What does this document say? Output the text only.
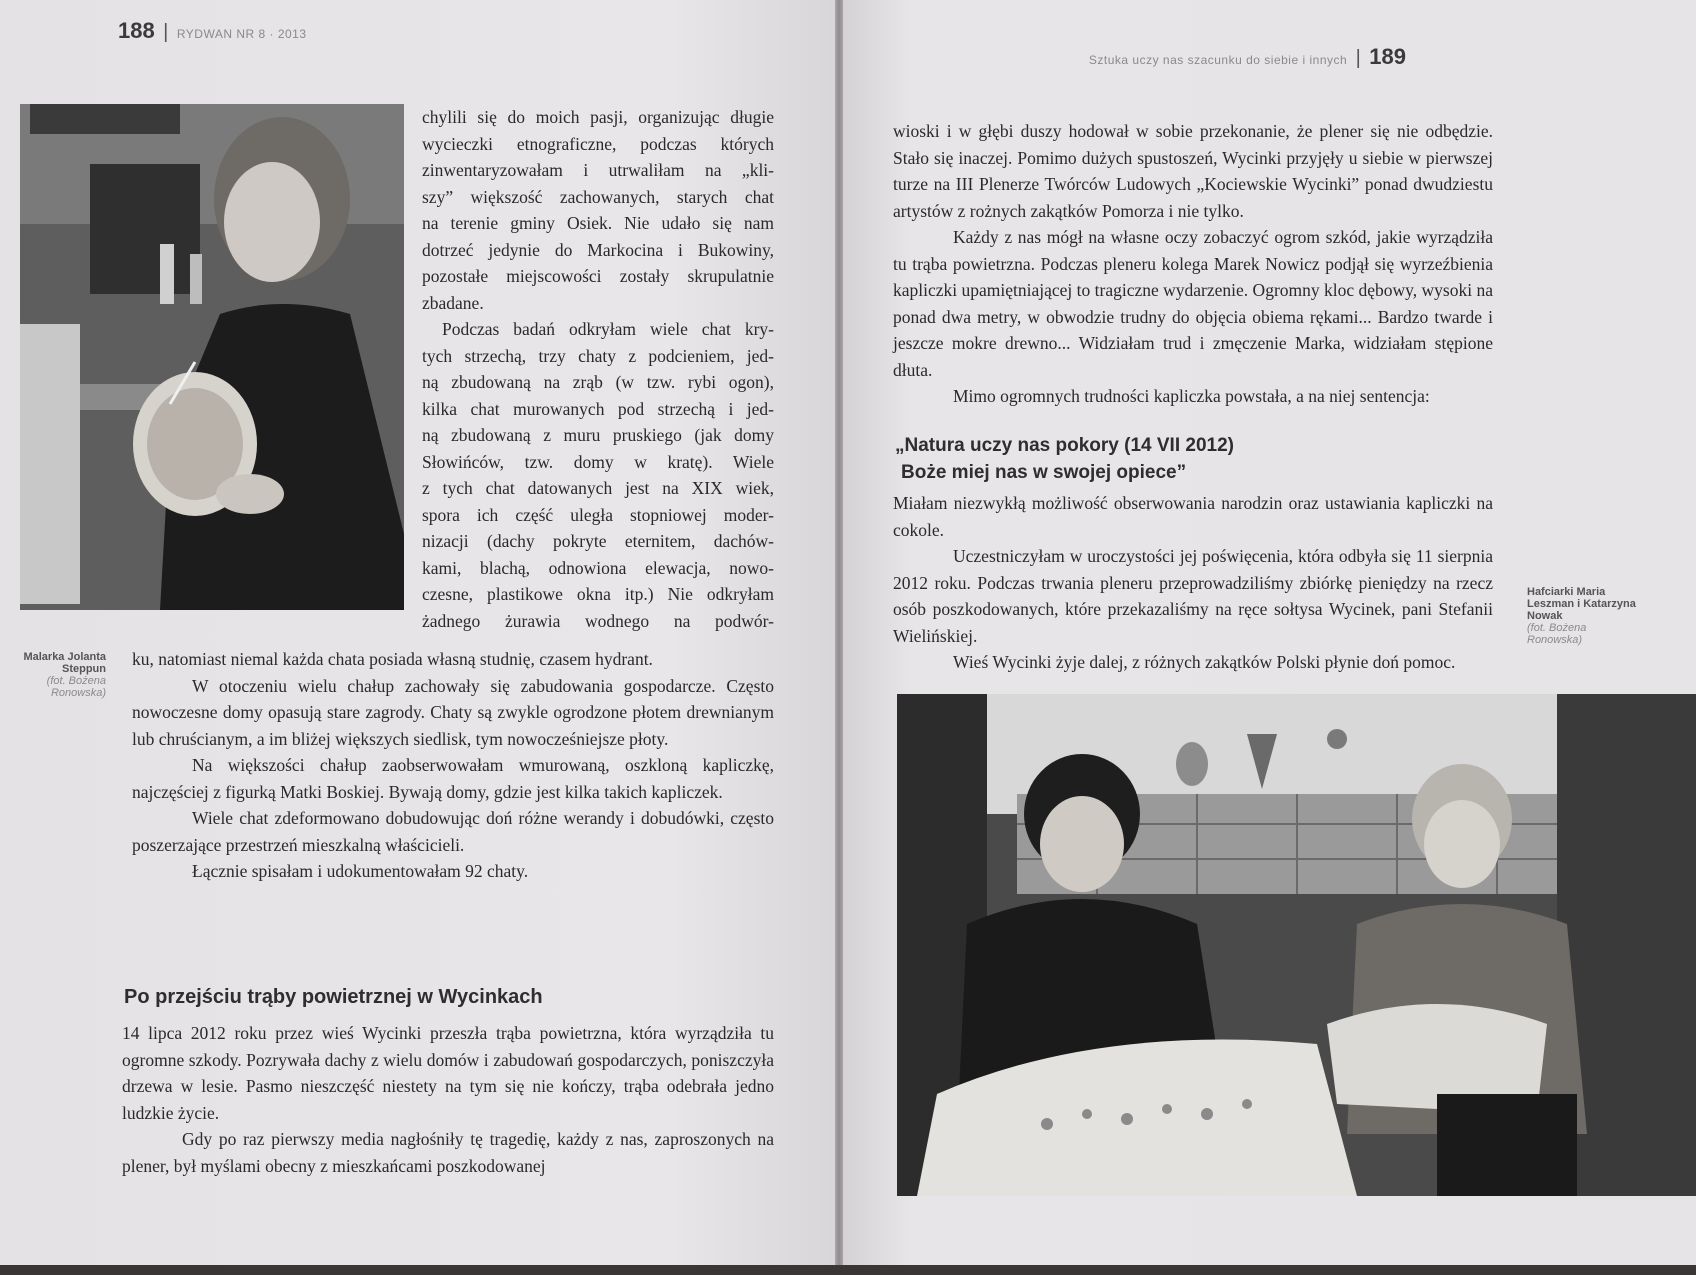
188 | RYDWAN NR 8 · 2013
Malarka Jolanta Steppun
(fot. Bożena Ronowska)
chylili się do moich pasji, organizując długie
wycieczki etnograficzne, podczas których
zinwentaryzowałam i utrwaliłam na „kli-
szy” większość zachowanych, starych chat
na terenie gminy Osiek. Nie udało się nam
dotrzeć jedynie do Markocina i Bukowiny,
pozostałe miejscowości zostały skrupulatnie
zbadane.
Podczas badań odkryłam wiele chat kry-
tych strzechą, trzy chaty z podcieniem, jed-
ną zbudowaną na zrąb (w tzw. rybi ogon),
kilka chat murowanych pod strzechą i jed-
ną zbudowaną z muru pruskiego (jak domy
Słowińców, tzw. domy w kratę). Wiele
z tych chat datowanych jest na XIX wiek,
spora ich część uległa stopniowej moder-
nizacji (dachy pokryte eternitem, dachów-
kami, blachą, odnowiona elewacja, nowo-
czesne, plastikowe okna itp.) Nie odkryłam
żadnego żurawia wodnego na podwór-

ku, natomiast niemal każda chata posiada własną studnię, czasem hydrant.

W otoczeniu wielu chałup zachowały się zabudowania gospodarcze. Często nowoczesne domy opasują stare zagrody. Chaty są zwykle ogrodzone płotem drewnianym lub chruścianym, a im bliżej większych siedlisk, tym nowocześniejsze płoty.

Na większości chałup zaobserwowałam wmurowaną, oszkloną kapliczkę, najczęściej z figurką Matki Boskiej. Bywają domy, gdzie jest kilka takich kapliczek.

Wiele chat zdeformowano dobudowując doń różne werandy i dobudówki, często poszerzające przestrzeń mieszkalną właścicieli.

Łącznie spisałam i udokumentowałam 92 chaty.

Po przejściu trąby powietrznej w Wycinkach

14 lipca 2012 roku przez wieś Wycinki przeszła trąba powietrzna, która wyrządziła tu ogromne szkody. Pozrywała dachy z wielu domów i zabudowań gospodarczych, poniszczyła drzewa w lesie. Pasmo nieszczęść niestety na tym się nie kończy, trąba odebrała jedno ludzkie życie.

Gdy po raz pierwszy media nagłośniły tę tragedię, każdy z nas, zaproszonych na plener, był myślami obecny z mieszkańcami poszkodowanej

Sztuka uczy nas szacunku do siebie i innych | 189

wioski i w głębi duszy hodował w sobie przekonanie, że plener się nie odbędzie. Stało się inaczej. Pomimo dużych spustoszeń, Wycinki przyjęły u siebie w pierwszej turze na III Plenerze Twórców Ludowych „Kociewskie Wycinki” ponad dwudziestu artystów z rożnych zakątków Pomorza i nie tylko.

Każdy z nas mógł na własne oczy zobaczyć ogrom szkód, jakie wyrządziła tu trąba powietrzna. Podczas pleneru kolega Marek Nowicz podjął się wyrzeźbienia kapliczki upamiętniającej to tragiczne wydarzenie. Ogromny kloc dębowy, wysoki na ponad dwa metry, w obwodzie trudny do objęcia obiema rękami... Bardzo twarde i jeszcze mokre drewno... Widziałam trud i zmęczenie Marka, widziałam stępione dłuta.

Mimo ogromnych trudności kapliczka powstała, a na niej sentencja:

„Natura uczy nas pokory (14 VII 2012)
Boże miej nas w swojej opiece”

Miałam niezwykłą możliwość obserwowania narodzin oraz ustawiania kapliczki na cokole.

Uczestniczyłam w uroczystości jej poświęcenia, która odbyła się 11 sierpnia 2012 roku. Podczas trwania pleneru przeprowadziliśmy zbiórkę pieniędzy na rzecz osób poszkodowanych, które przekazaliśmy na ręce sołtysa Wycinek, pani Stefanii Wielińskiej.

Wieś Wycinki żyje dalej, z różnych zakątków Polski płynie doń pomoc.

Hafciarki Maria Leszman i Katarzyna Nowak
(fot. Bożena Ronowska)
